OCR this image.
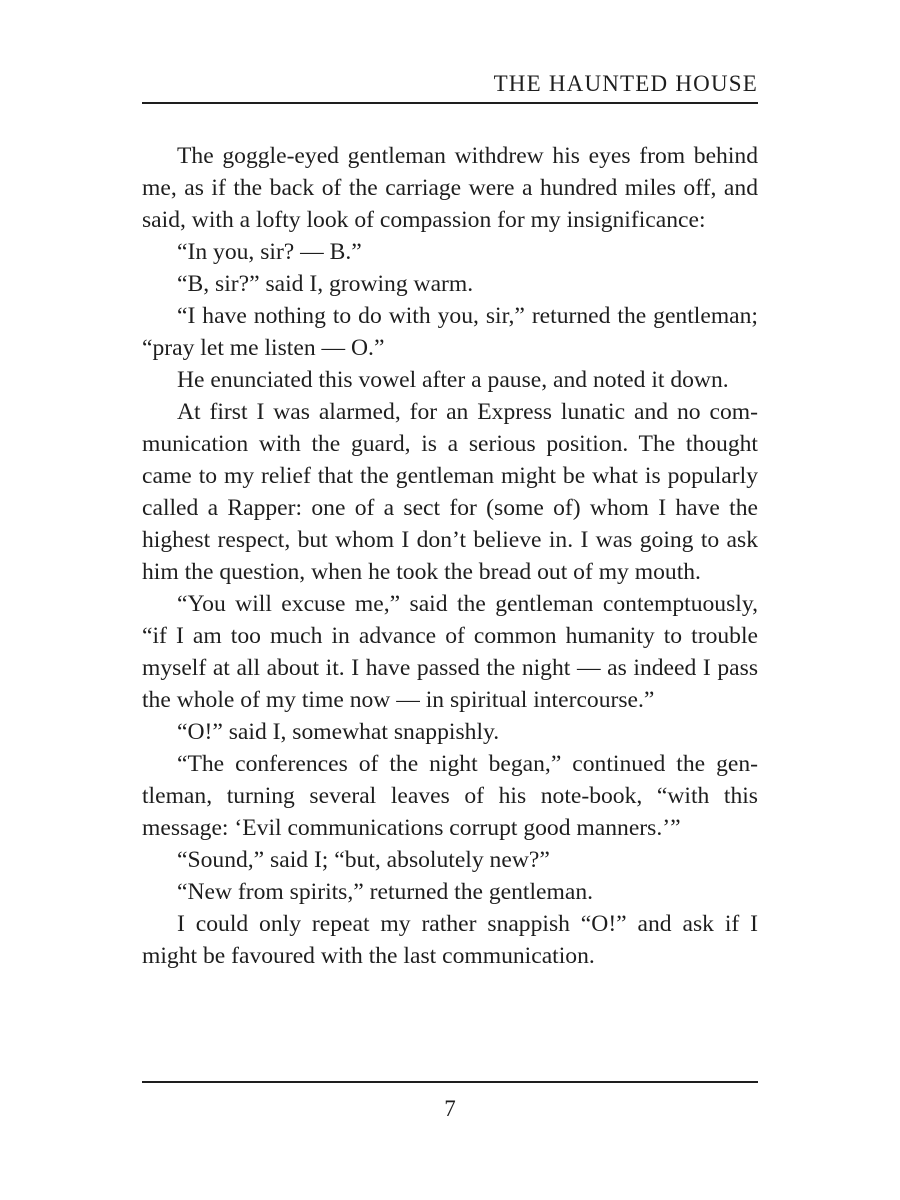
THE HAUNTED HOUSE

The goggle-eyed gentleman withdrew his eyes from behind me, as if the back of the carriage were a hundred miles off, and said, with a lofty look of compassion for my insignificance:

“In you, sir? — B.”

“B, sir?” said I, growing warm.

“I have nothing to do with you, sir,” returned the gentleman; “pray let me listen — O.”

He enunciated this vowel after a pause, and noted it down.

At first I was alarmed, for an Express lunatic and no communication with the guard, is a serious position. The thought came to my relief that the gentleman might be what is popularly called a Rapper: one of a sect for (some of) whom I have the highest respect, but whom I don’t believe in. I was going to ask him the question, when he took the bread out of my mouth.

“You will excuse me,” said the gentleman contemptuously, “if I am too much in advance of common humanity to trouble myself at all about it. I have passed the night — as indeed I pass the whole of my time now — in spiritual intercourse.”

“O!” said I, somewhat snappishly.

“The conferences of the night began,” continued the gentleman, turning several leaves of his note-book, “with this message: ‘Evil communications corrupt good manners.’”

“Sound,” said I; “but, absolutely new?”

“New from spirits,” returned the gentleman.

I could only repeat my rather snappish “O!” and ask if I might be favoured with the last communication.

7
